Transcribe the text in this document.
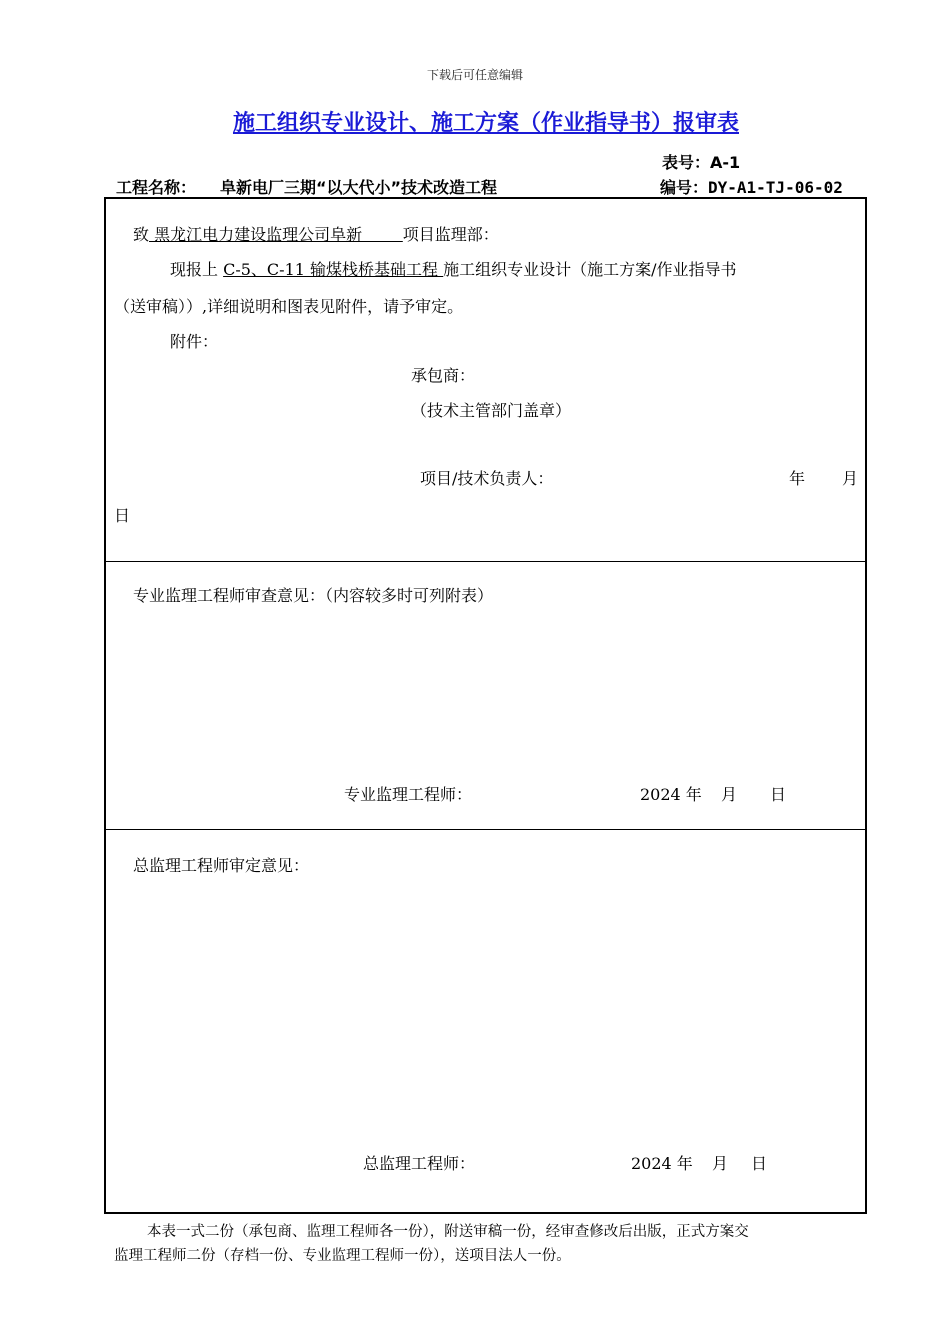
下载后可任意编辑
施工组织专业设计、施工方案（作业指导书）报审表
表号：A-1
工程名称： 阜新电厂三期“以大代小”技术改造工程	编号：DY-A1-TJ-06-02
致 黑龙江电力建设监理公司阜新        项目监理部：
现报上 C-5、C-11 输煤栈桥基础工程 施工组织专业设计（施工方案/作业指导书
（送审稿））,详细说明和图表见附件，请予审定。
附件：
承包商：
（技术主管部门盖章）
项目/技术负责人：	年 月
日
专业监理工程师审查意见：（内容较多时可列附表）
专业监理工程师：	2024 年 月 日
总监理工程师审定意见：
总监理工程师：	2024 年 月 日
本表一式二份（承包商、监理工程师各一份），附送审稿一份，经审查修改后出版，正式方案交
监理工程师二份（存档一份、专业监理工程师一份），送项目法人一份。
